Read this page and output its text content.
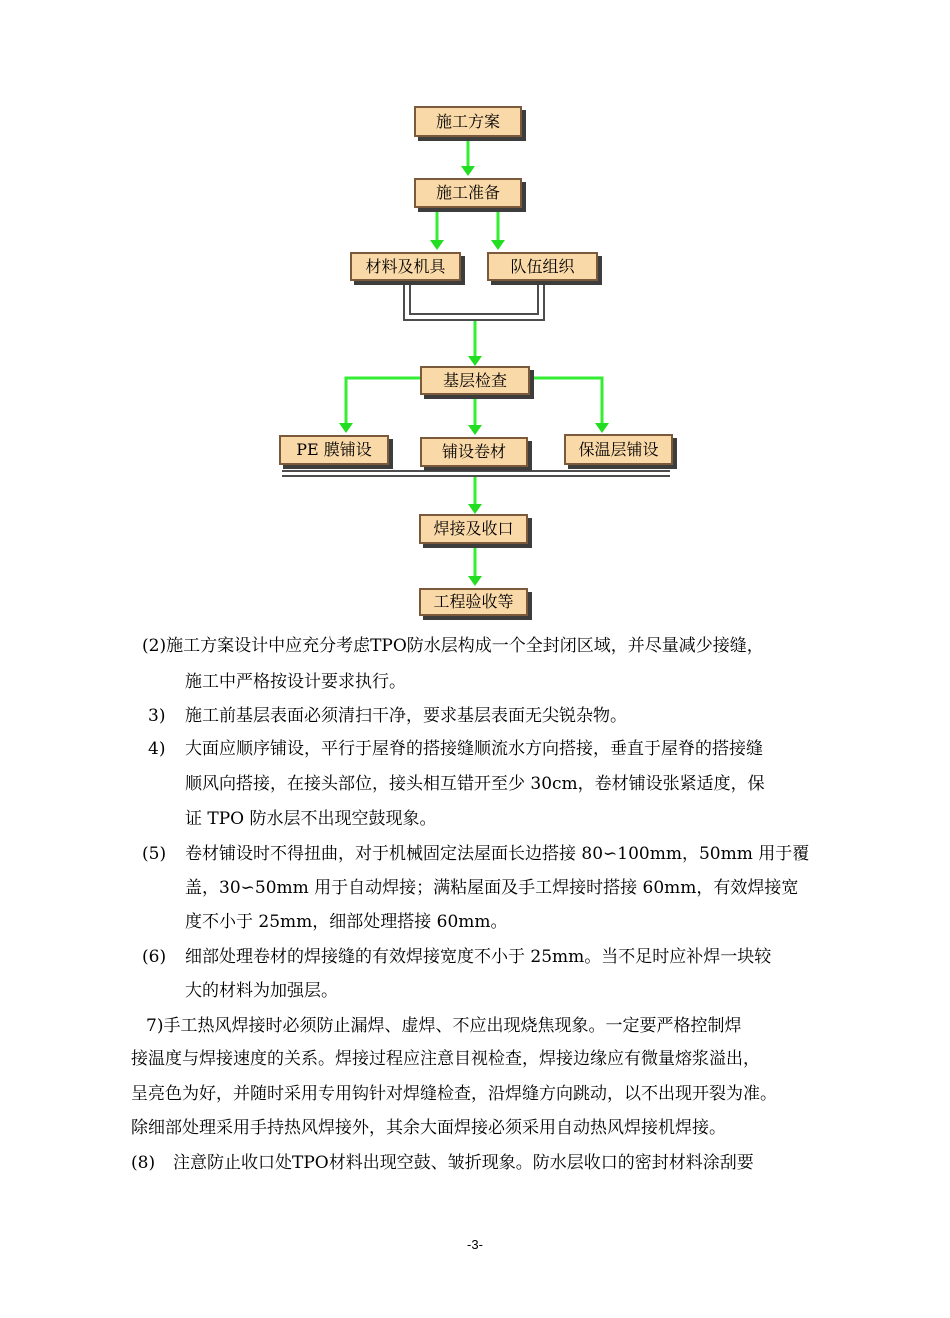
施工方案
施工准备
材料及机具	队伍组织
基层检查
PE 膜铺设	铺设卷材	保温层铺设
焊接及收口
工程验收等
(2)施工方案设计中应充分考虑TPO防水层构成一个全封闭区域，并尽量减少接缝，
施工中严格按设计要求执行。
3) 施工前基层表面必须清扫干净，要求基层表面无尖锐杂物。
4) 大面应顺序铺设，平行于屋脊的搭接缝顺流水方向搭接，垂直于屋脊的搭接缝
顺风向搭接，在接头部位，接头相互错开至少 30cm，卷材铺设张紧适度，保
证 TPO 防水层不出现空鼓现象。
(5) 卷材铺设时不得扭曲，对于机械固定法屋面长边搭接 80∽100mm，50mm 用于覆
盖，30∽50mm 用于自动焊接；满粘屋面及手工焊接时搭接 60mm，有效焊接宽
度不小于 25mm，细部处理搭接 60mm。
(6) 细部处理卷材的焊接缝的有效焊接宽度不小于 25mm。当不足时应补焊一块较
大的材料为加强层。
7)手工热风焊接时必须防止漏焊、虚焊、不应出现烧焦现象。一定要严格控制焊
接温度与焊接速度的关系。焊接过程应注意目视检查，焊接边缘应有微量熔浆溢出，
呈亮色为好，并随时采用专用钩针对焊缝检查，沿焊缝方向跳动，以不出现开裂为准。
除细部处理采用手持热风焊接外，其余大面焊接必须采用自动热风焊接机焊接。
(8) 注意防止收口处TPO材料出现空鼓、皱折现象。防水层收口的密封材料涂刮要
-3-
